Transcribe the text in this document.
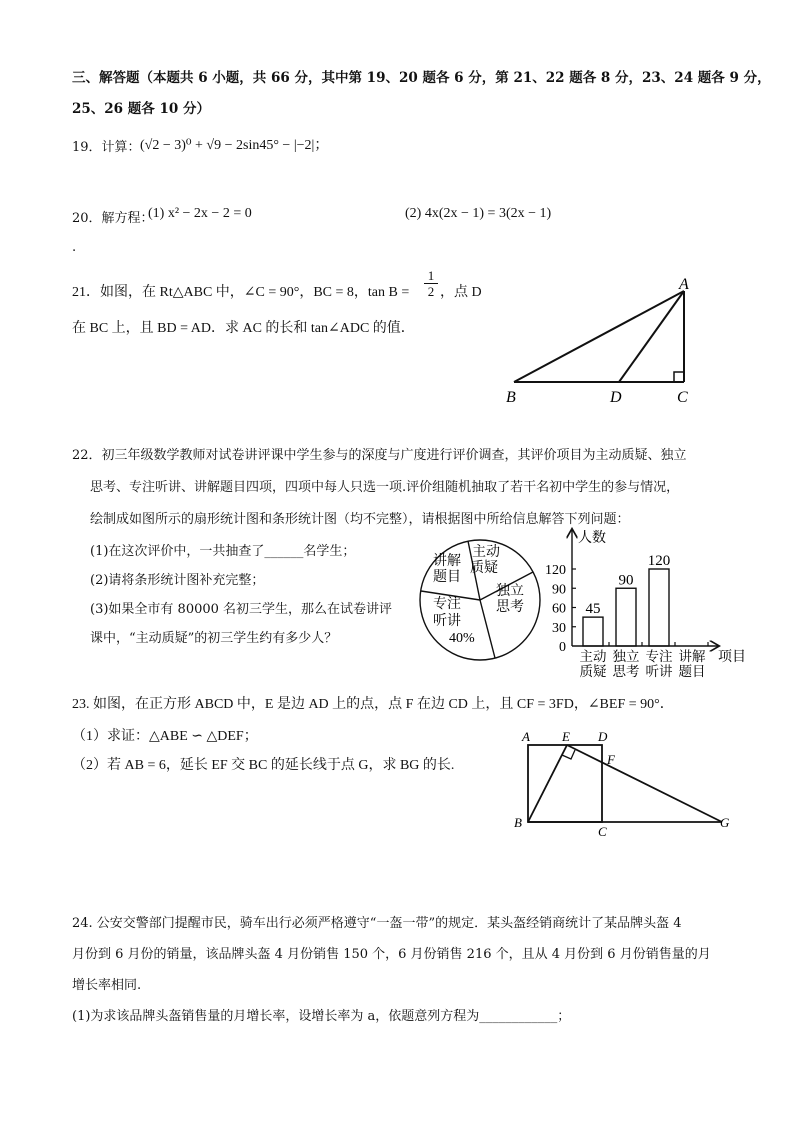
三、解答题（本题共 6 小题，共 66 分，其中第 19、20 题各 6 分，第 21、22 题各 8 分，23、24 题各 9 分，
25、26 题各 10 分）
19．计算： (√2 − 3)⁰ + √9 − 2sin45° − |−2|；
20．解方程：
(1) x² − 2x − 2 = 0	(2) 4x(2x − 1) = 3(2x − 1)
.
21．如图，在 Rt△ABC 中，∠C = 90°，BC = 8，$\tan B = \frac{1}{2}$ ，点 D
在 BC 上，且 BD = AD．求 AC 的长和 tan∠ADC 的值．
A
B	D	C
22．初三年级数学教师对试卷讲评课中学生参与的深度与广度进行评价调查，其评价项目为主动质疑、独立
思考、专注听讲、讲解题目四项，四项中每人只选一项.评价组随机抽取了若干名初中学生的参与情况，
绘制成如图所示的扇形统计图和条形统计图（均不完整），请根据图中所给信息解答下列问题：
(1)在这次评价中，一共抽查了______名学生；
(2)请将条形统计图补充完整；
(3)如果全市有 80000 名初三学生，那么在试卷讲评
课中，“主动质疑”的初三学生约有多少人？
讲解
题目
主动
质疑
独立
思考
专注
听讲
40%
人数
项目
0
30
60
90
120
45
主动
质疑
90
独立
思考
120
专注
听讲
讲解
题目
23. 如图，在正方形 ABCD 中，E 是边 AD 上的点，点 F 在边 CD 上，且 CF = 3FD，∠BEF = 90°．
（1）求证：△ABE ∽ △DEF；
（2）若 AB = 6，延长 EF 交 BC 的延长线于点 G，求 BG 的长.
A E D
F
B
C
G
24. 公安交警部门提醒市民，骑车出行必须严格遵守“一盔一带”的规定．某头盔经销商统计了某品牌头盔 4
月份到 6 月份的销量，该品牌头盔 4 月份销售 150 个，6 月份销售 216 个，且从 4 月份到 6 月份销售量的月
增长率相同.
(1)为求该品牌头盔销售量的月增长率，设增长率为 a，依题意列方程为____________；
